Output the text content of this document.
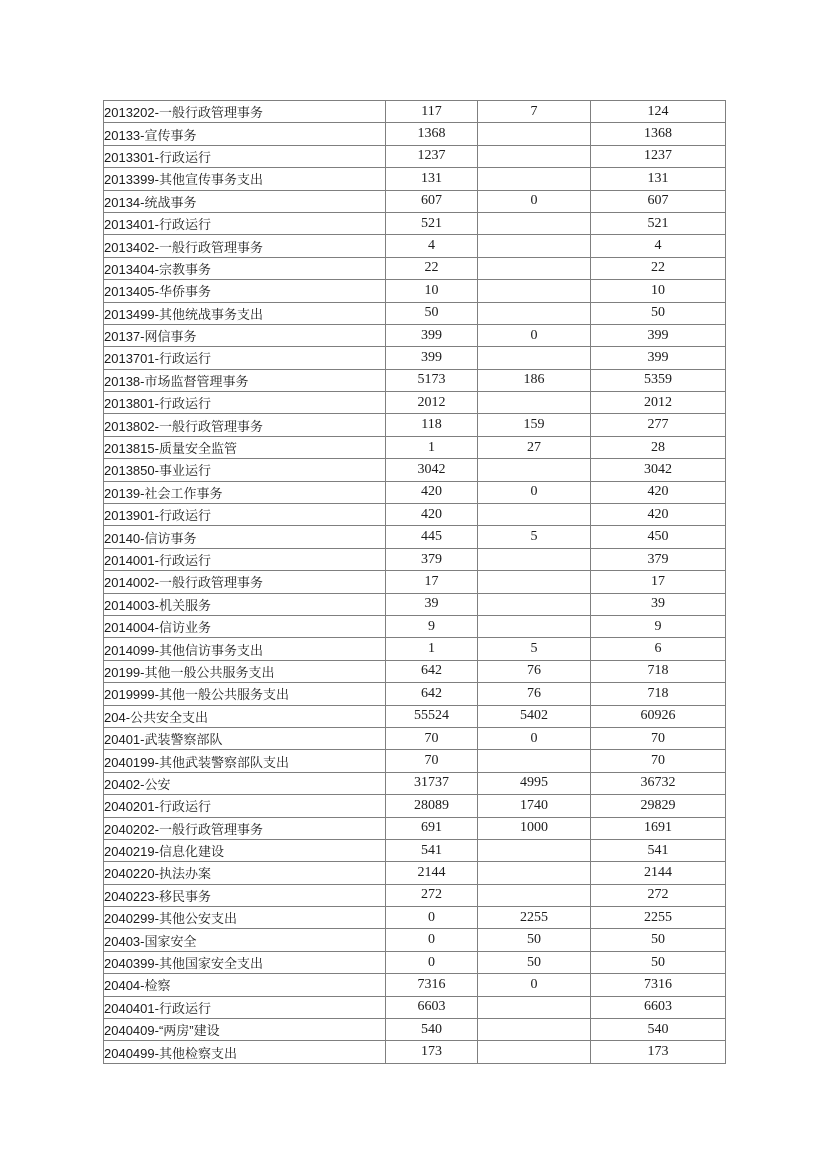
2013202-一般行政管理事务	117	7	124
20133-宣传事务	1368		1368
2013301-行政运行	1237		1237
2013399-其他宣传事务支出	131		131
20134-统战事务	607	0	607
2013401-行政运行	521		521
2013402-一般行政管理事务	4		4
2013404-宗教事务	22		22
2013405-华侨事务	10		10
2013499-其他统战事务支出	50		50
20137-网信事务	399	0	399
2013701-行政运行	399		399
20138-市场监督管理事务	5173	186	5359
2013801-行政运行	2012		2012
2013802-一般行政管理事务	118	159	277
2013815-质量安全监管	1	27	28
2013850-事业运行	3042		3042
20139-社会工作事务	420	0	420
2013901-行政运行	420		420
20140-信访事务	445	5	450
2014001-行政运行	379		379
2014002-一般行政管理事务	17		17
2014003-机关服务	39		39
2014004-信访业务	9		9
2014099-其他信访事务支出	1	5	6
20199-其他一般公共服务支出	642	76	718
2019999-其他一般公共服务支出	642	76	718
204-公共安全支出	55524	5402	60926
20401-武装警察部队	70	0	70
2040199-其他武装警察部队支出	70		70
20402-公安	31737	4995	36732
2040201-行政运行	28089	1740	29829
2040202-一般行政管理事务	691	1000	1691
2040219-信息化建设	541		541
2040220-执法办案	2144		2144
2040223-移民事务	272		272
2040299-其他公安支出	0	2255	2255
20403-国家安全	0	50	50
2040399-其他国家安全支出	0	50	50
20404-检察	7316	0	7316
2040401-行政运行	6603		6603
2040409-“两房”建设	540		540
2040499-其他检察支出	173		173
